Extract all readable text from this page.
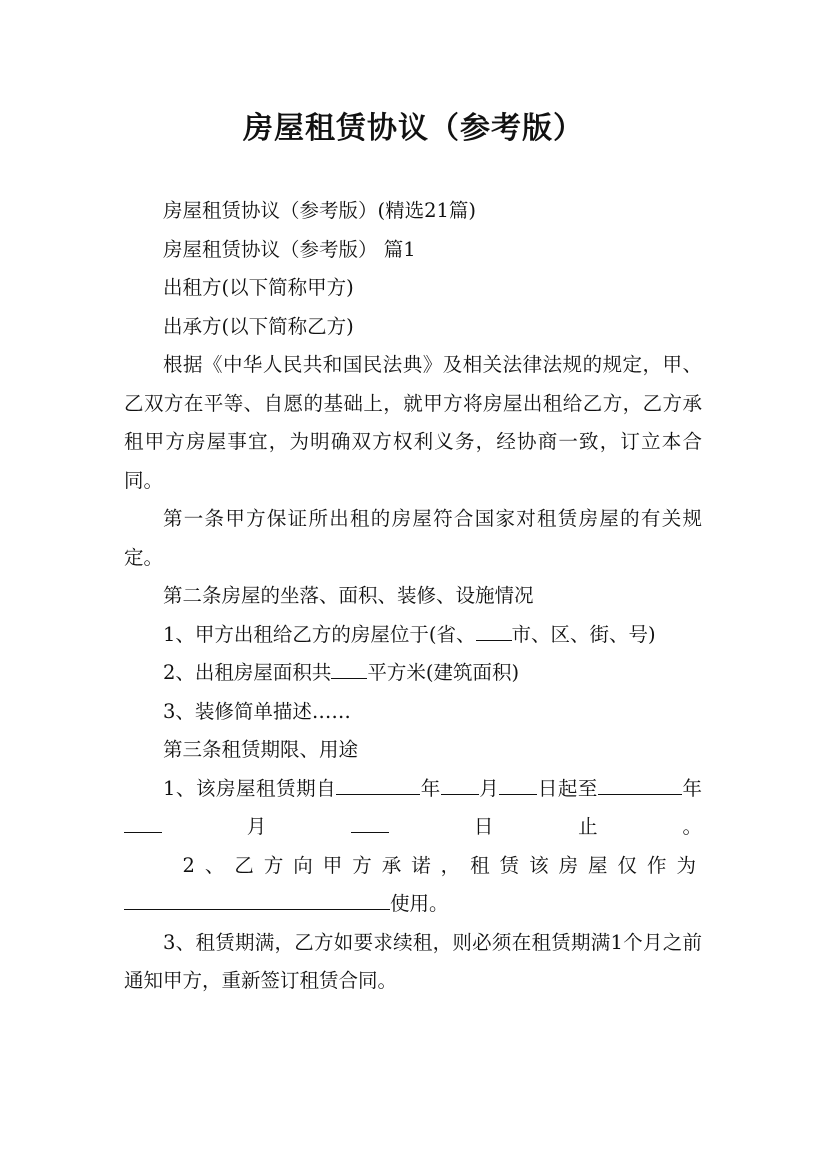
房屋租赁协议（参考版）

房屋租赁协议（参考版）(精选21篇)

房屋租赁协议（参考版） 篇1

出租方(以下简称甲方)

出承方(以下简称乙方)

根据《中华人民共和国民法典》及相关法律法规的规定，甲、乙双方在平等、自愿的基础上，就甲方将房屋出租给乙方，乙方承租甲方房屋事宜，为明确双方权利义务，经协商一致，订立本合同。

第一条甲方保证所出租的房屋符合国家对租赁房屋的有关规定。

第二条房屋的坐落、面积、装修、设施情况

1、甲方出租给乙方的房屋位于(省、 市、区、街、号)

2、出租房屋面积共 平方米(建筑面积)

3、装修简单描述……

第三条租赁期限、用途

1、该房屋租赁期自	年 月 日起至	年月 日止。

2、乙方向甲方承诺，租赁该房屋仅作为使用。

3、租赁期满，乙方如要求续租，则必须在租赁期满1个月之前通知甲方，重新签订租赁合同。
